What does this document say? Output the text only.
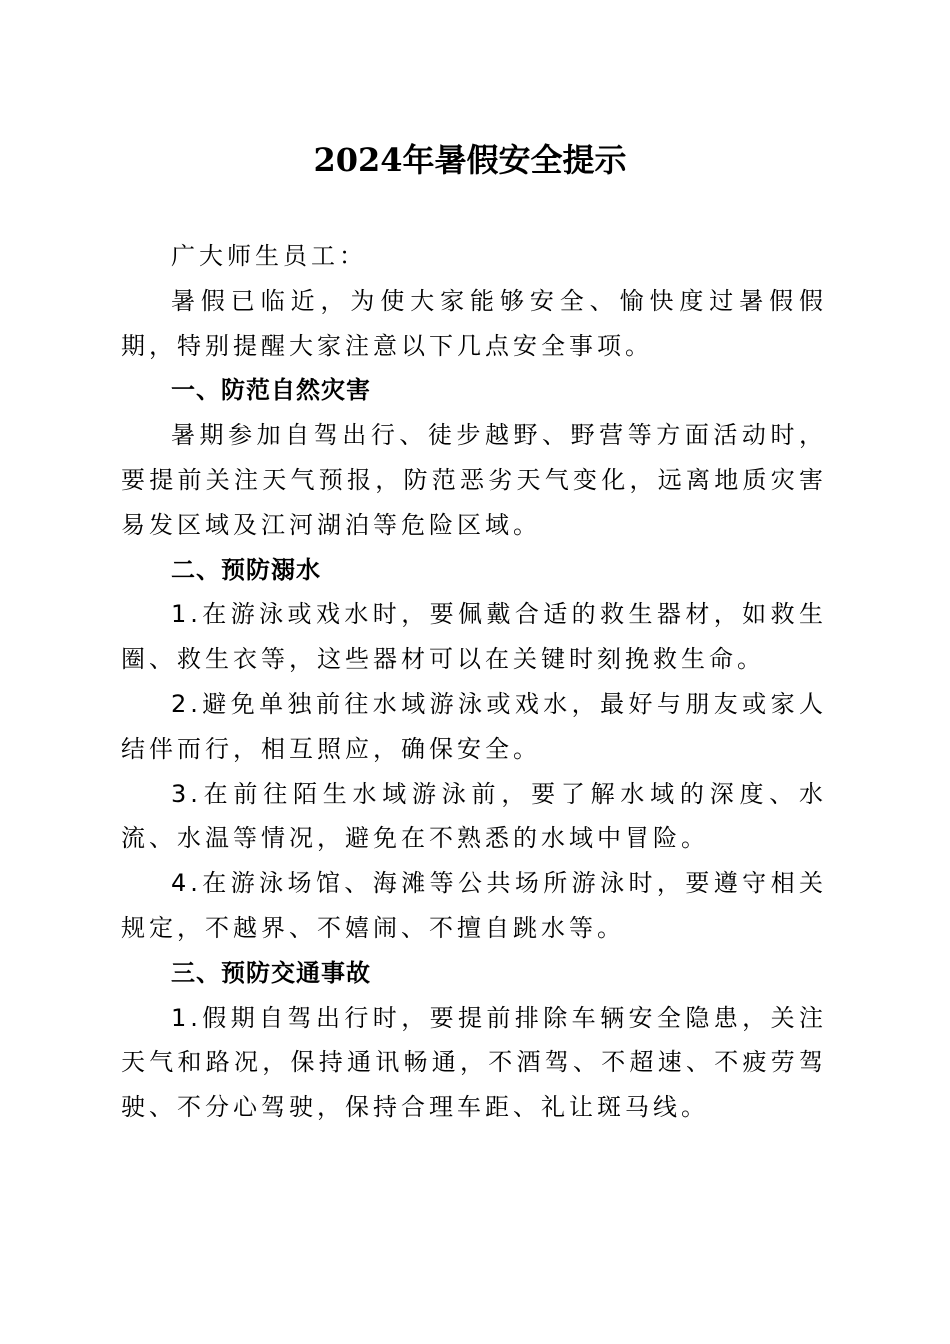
2024年暑假安全提示

广大师生员工：

暑假已临近，为使大家能够安全、愉快度过暑假假期，特别提醒大家注意以下几点安全事项。

一、防范自然灾害

暑期参加自驾出行、徒步越野、野营等方面活动时，要提前关注天气预报，防范恶劣天气变化，远离地质灾害易发区域及江河湖泊等危险区域。

二、预防溺水

1.在游泳或戏水时，要佩戴合适的救生器材，如救生圈、救生衣等，这些器材可以在关键时刻挽救生命。

2.避免单独前往水域游泳或戏水，最好与朋友或家人结伴而行，相互照应，确保安全。

3.在前往陌生水域游泳前，要了解水域的深度、水流、水温等情况，避免在不熟悉的水域中冒险。

4.在游泳场馆、海滩等公共场所游泳时，要遵守相关规定，不越界、不嬉闹、不擅自跳水等。

三、预防交通事故

1.假期自驾出行时，要提前排除车辆安全隐患，关注天气和路况，保持通讯畅通，不酒驾、不超速、不疲劳驾驶、不分心驾驶，保持合理车距、礼让斑马线。
